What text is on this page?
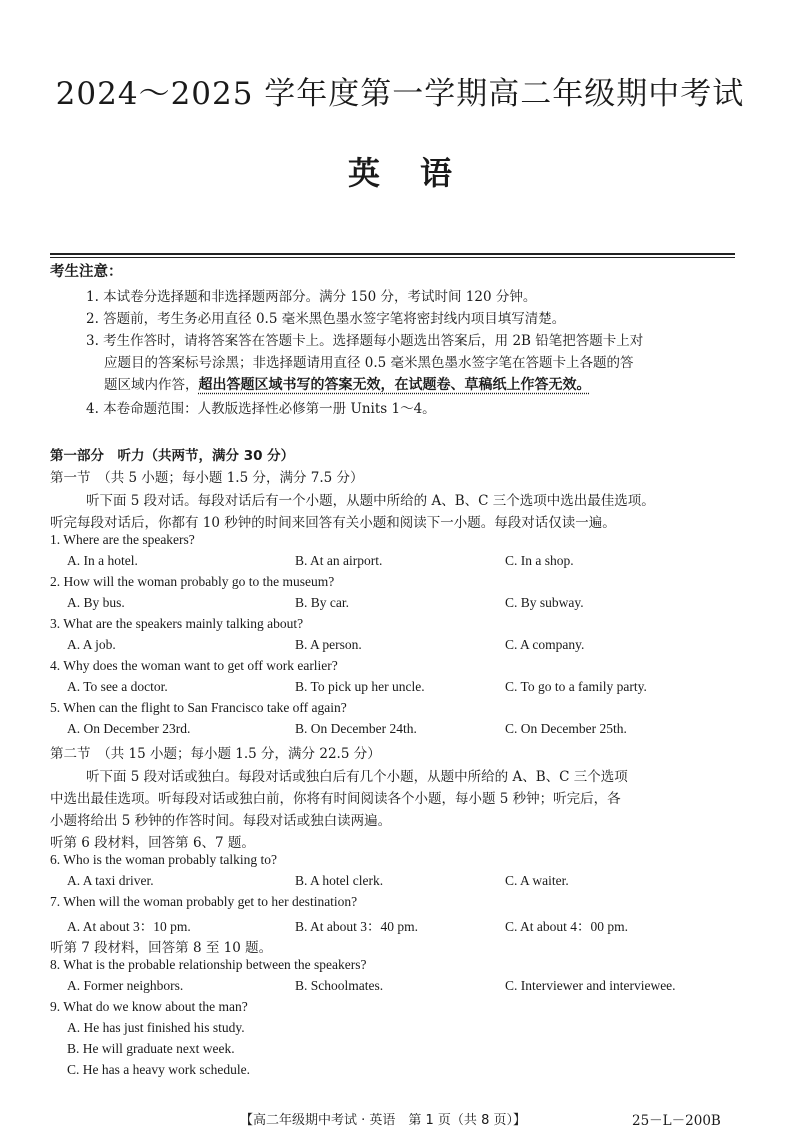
2024～2025 学年度第一学期高二年级期中考试
英语
考生注意：
1. 本试卷分选择题和非选择题两部分。满分 150 分，考试时间 120 分钟。
2. 答题前，考生务必用直径 0.5 毫米黑色墨水签字笔将密封线内项目填写清楚。
3. 考生作答时，请将答案答在答题卡上。选择题每小题选出答案后，用 2B 铅笔把答题卡上对
应题目的答案标号涂黑；非选择题请用直径 0.5 毫米黑色墨水签字笔在答题卡上各题的答
题区域内作答，超出答题区域书写的答案无效，在试题卷、草稿纸上作答无效。
4. 本卷命题范围：人教版选择性必修第一册 Units 1～4。
第一部分　听力（共两节，满分 30 分）
第一节　（共 5 小题；每小题 1.5 分，满分 7.5 分）
听下面 5 段对话。每段对话后有一个小题，从题中所给的 A、B、C 三个选项中选出最佳选项。
听完每段对话后，你都有 10 秒钟的时间来回答有关小题和阅读下一小题。每段对话仅读一遍。
1. Where are the speakers?
A. In a hotel.	B. At an airport.	C. In a shop.
2. How will the woman probably go to the museum?
A. By bus.	B. By car.	C. By subway.
3. What are the speakers mainly talking about?
A. A job.	B. A person.	C. A company.
4. Why does the woman want to get off work earlier?
A. To see a doctor.	B. To pick up her uncle.	C. To go to a family party.
5. When can the flight to San Francisco take off again?
A. On December 23rd.	B. On December 24th.	C. On December 25th.
第二节　（共 15 小题；每小题 1.5 分，满分 22.5 分）
听下面 5 段对话或独白。每段对话或独白后有几个小题，从题中所给的 A、B、C 三个选项
中选出最佳选项。听每段对话或独白前，你将有时间阅读各个小题，每小题 5 秒钟；听完后，各
小题将给出 5 秒钟的作答时间。每段对话或独白读两遍。
听第 6 段材料，回答第 6、7 题。
6. Who is the woman probably talking to?
A. A taxi driver.	B. A hotel clerk.	C. A waiter.
7. When will the woman probably get to her destination?
A. At about 3：10 pm.	B. At about 3：40 pm.	C. At about 4：00 pm.
听第 7 段材料，回答第 8 至 10 题。
8. What is the probable relationship between the speakers?
A. Former neighbors.	B. Schoolmates.	C. Interviewer and interviewee.
9. What do we know about the man?
A. He has just finished his study.
B. He will graduate next week.
C. He has a heavy work schedule.
【高二年级期中考试 · 英语　第 1 页（共 8 页）】	25－L－200B
